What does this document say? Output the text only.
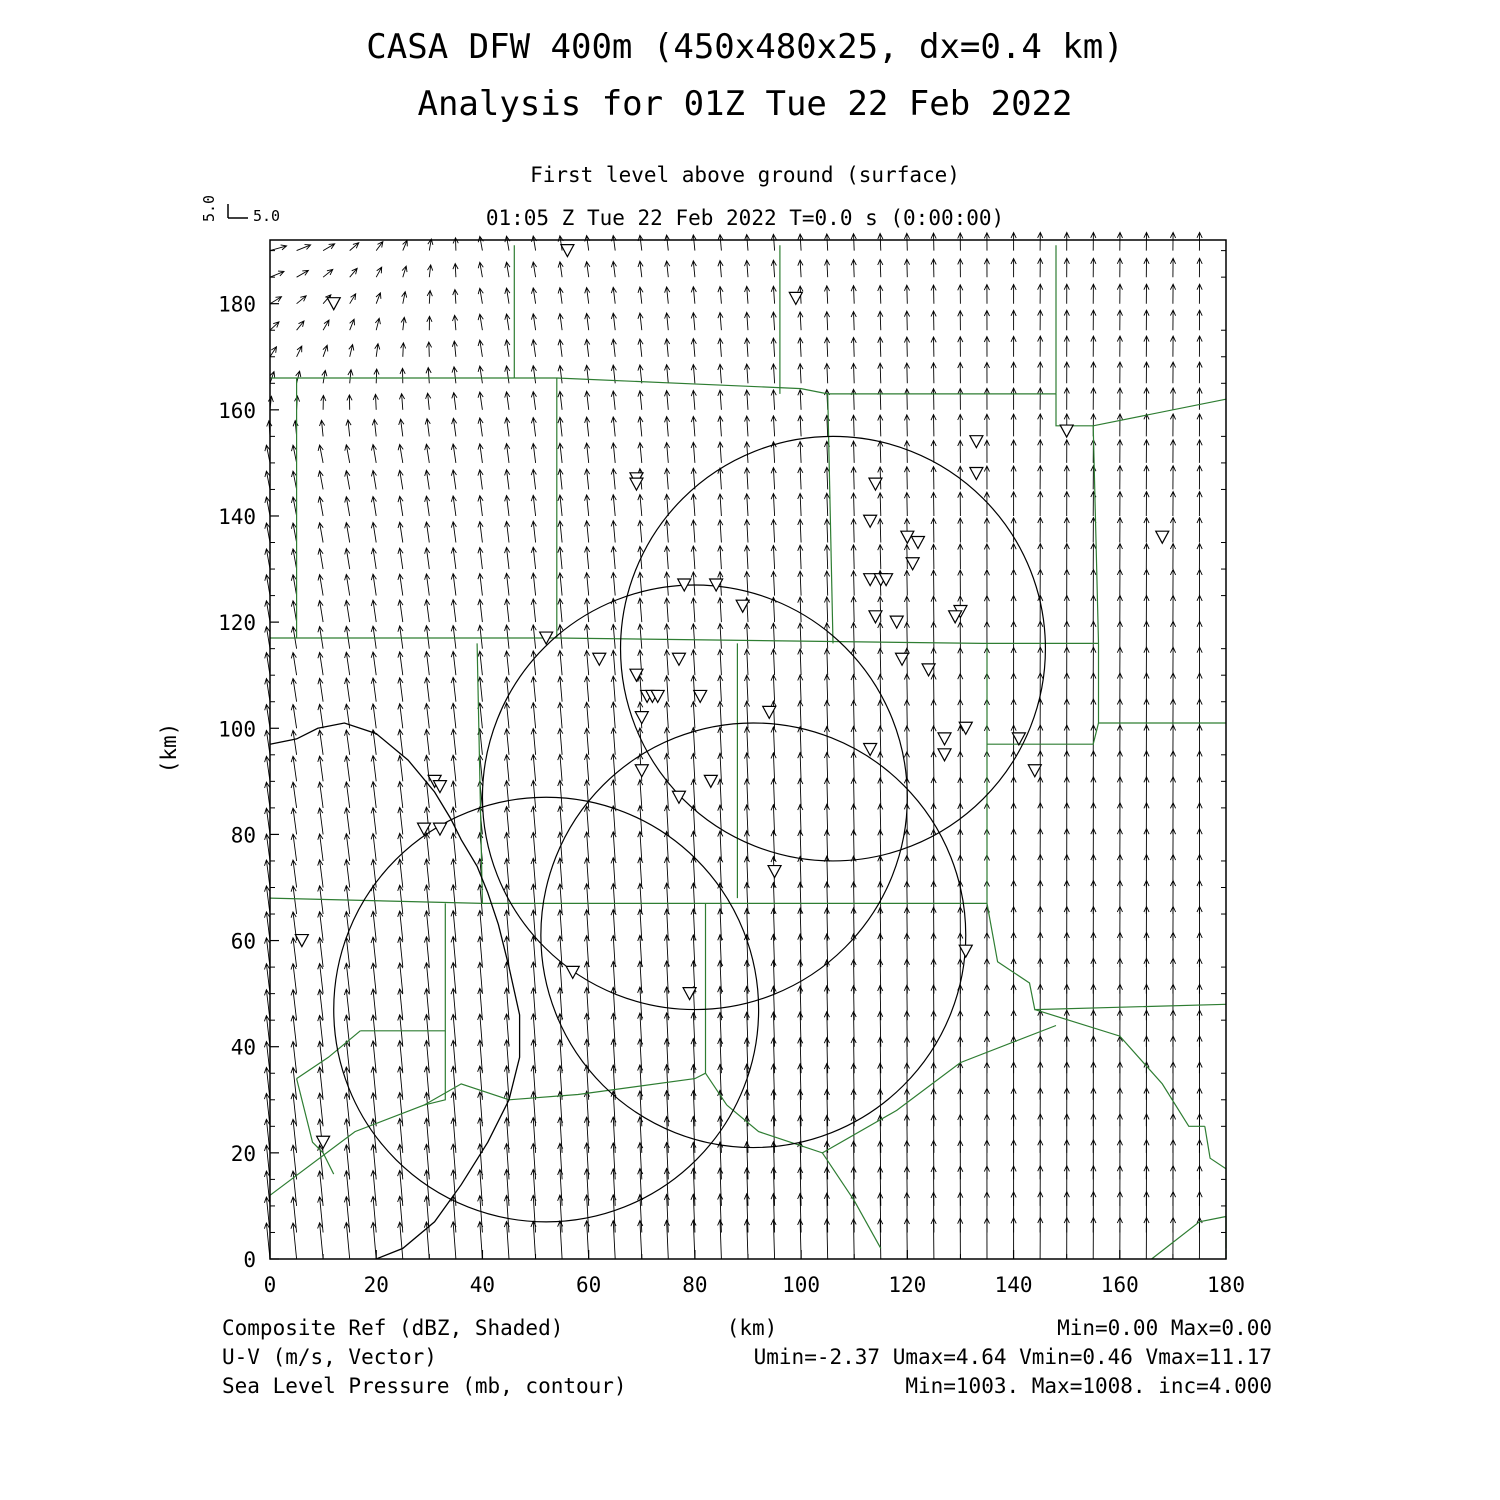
CASA DFW 400m (450x480x25, dx=0.4 km)
Analysis for 01Z Tue 22 Feb 2022
First level above ground (surface)
01:05 Z Tue 22 Feb 2022 T=0.0 s (0:00:00)
5.0 5.0
0	20	40	60	80	100	120	140	160	180
0
20
40
60
80
100
120
140
160
180
(km)
(km)
Composite Ref (dBZ, Shaded)
U-V (m/s, Vector)
Sea Level Pressure (mb, contour)
Min=0.00 Max=0.00
Umin=-2.37 Umax=4.64 Vmin=0.46 Vmax=11.17
Min=1003. Max=1008. inc=4.000
